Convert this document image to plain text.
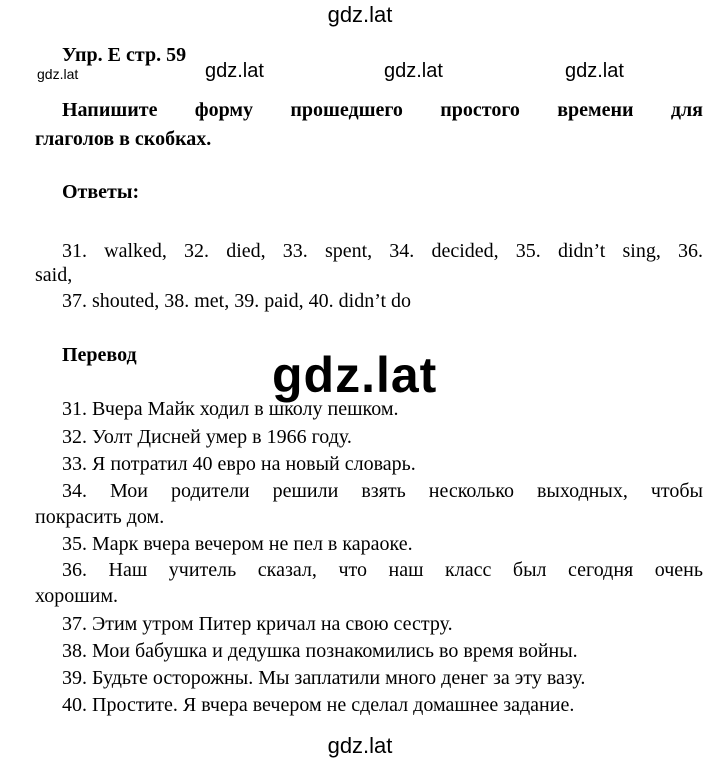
gdz.lat
Упр. E стр. 59
gdz.lat	gdz.lat	gdz.lat	gdz.lat
Напишите форму прошедшего простого времени для
глаголов в скобках.
Ответы:
31. walked, 32. died, 33. spent, 34. decided, 35. didn’t sing, 36.
said,
37. shouted, 38. met, 39. paid, 40. didn’t do
Перевод	gdz.lat
31. Вчера Майк ходил в школу пешком.
32. Уолт Дисней умер в 1966 году.
33. Я потратил 40 евро на новый словарь.
34. Мои родители решили взять несколько выходных, чтобы
покрасить дом.
35. Марк вчера вечером не пел в караоке.
36. Наш учитель сказал, что наш класс был сегодня очень
хорошим.
37. Этим утром Питер кричал на свою сестру.
38. Мои бабушка и дедушка познакомились во время войны.
39. Будьте осторожны. Мы заплатили много денег за эту вазу.
40. Простите. Я вчера вечером не сделал домашнее задание.
gdz.lat
